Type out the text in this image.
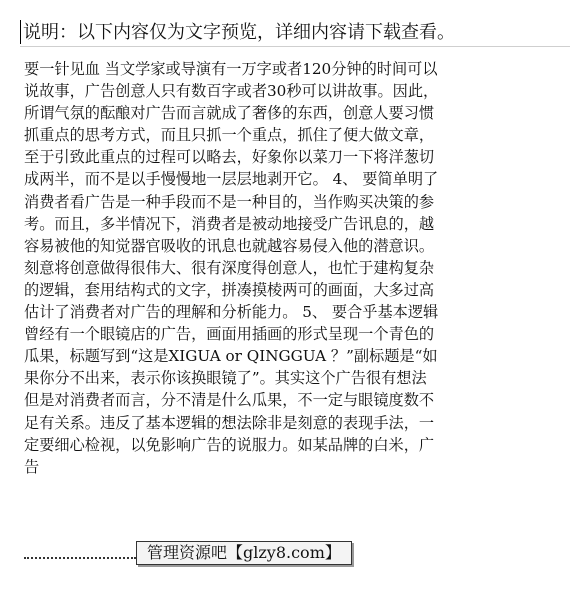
说明：以下内容仅为文字预览，详细内容请下载查看。
要一针见血 当文学家或导演有一万字或者120分钟的时间可以
说故事，广告创意人只有数百字或者30秒可以讲故事。因此，
所谓气氛的酝酿对广告而言就成了奢侈的东西，创意人要习惯
抓重点的思考方式，而且只抓一个重点，抓住了便大做文章，
至于引致此重点的过程可以略去，好象你以菜刀一下将洋葱切
成两半，而不是以手慢慢地一层层地剥开它。 4、 要简单明了
消费者看广告是一种手段而不是一种目的，当作购买决策的参
考。而且，多半情况下，消费者是被动地接受广告讯息的，越
容易被他的知觉器官吸收的讯息也就越容易侵入他的潜意识。
刻意将创意做得很伟大、很有深度得创意人，也忙于建构复杂
的逻辑，套用结构式的文字，拼凑摸棱两可的画面，大多过高
估计了消费者对广告的理解和分析能力。 5、 要合乎基本逻辑
曾经有一个眼镜店的广告，画面用插画的形式呈现一个青色的
瓜果，标题写到“这是XIGUA or QINGGUA ？”副标题是“如
果你分不出来，表示你该换眼镜了”。其实这个广告很有想法
但是对消费者而言，分不清是什么瓜果，不一定与眼镜度数不
足有关系。违反了基本逻辑的想法除非是刻意的表现手法，一
定要细心检视，以免影响广告的说服力。如某品牌的白米，广
告
管理资源吧【glzy8.com】
